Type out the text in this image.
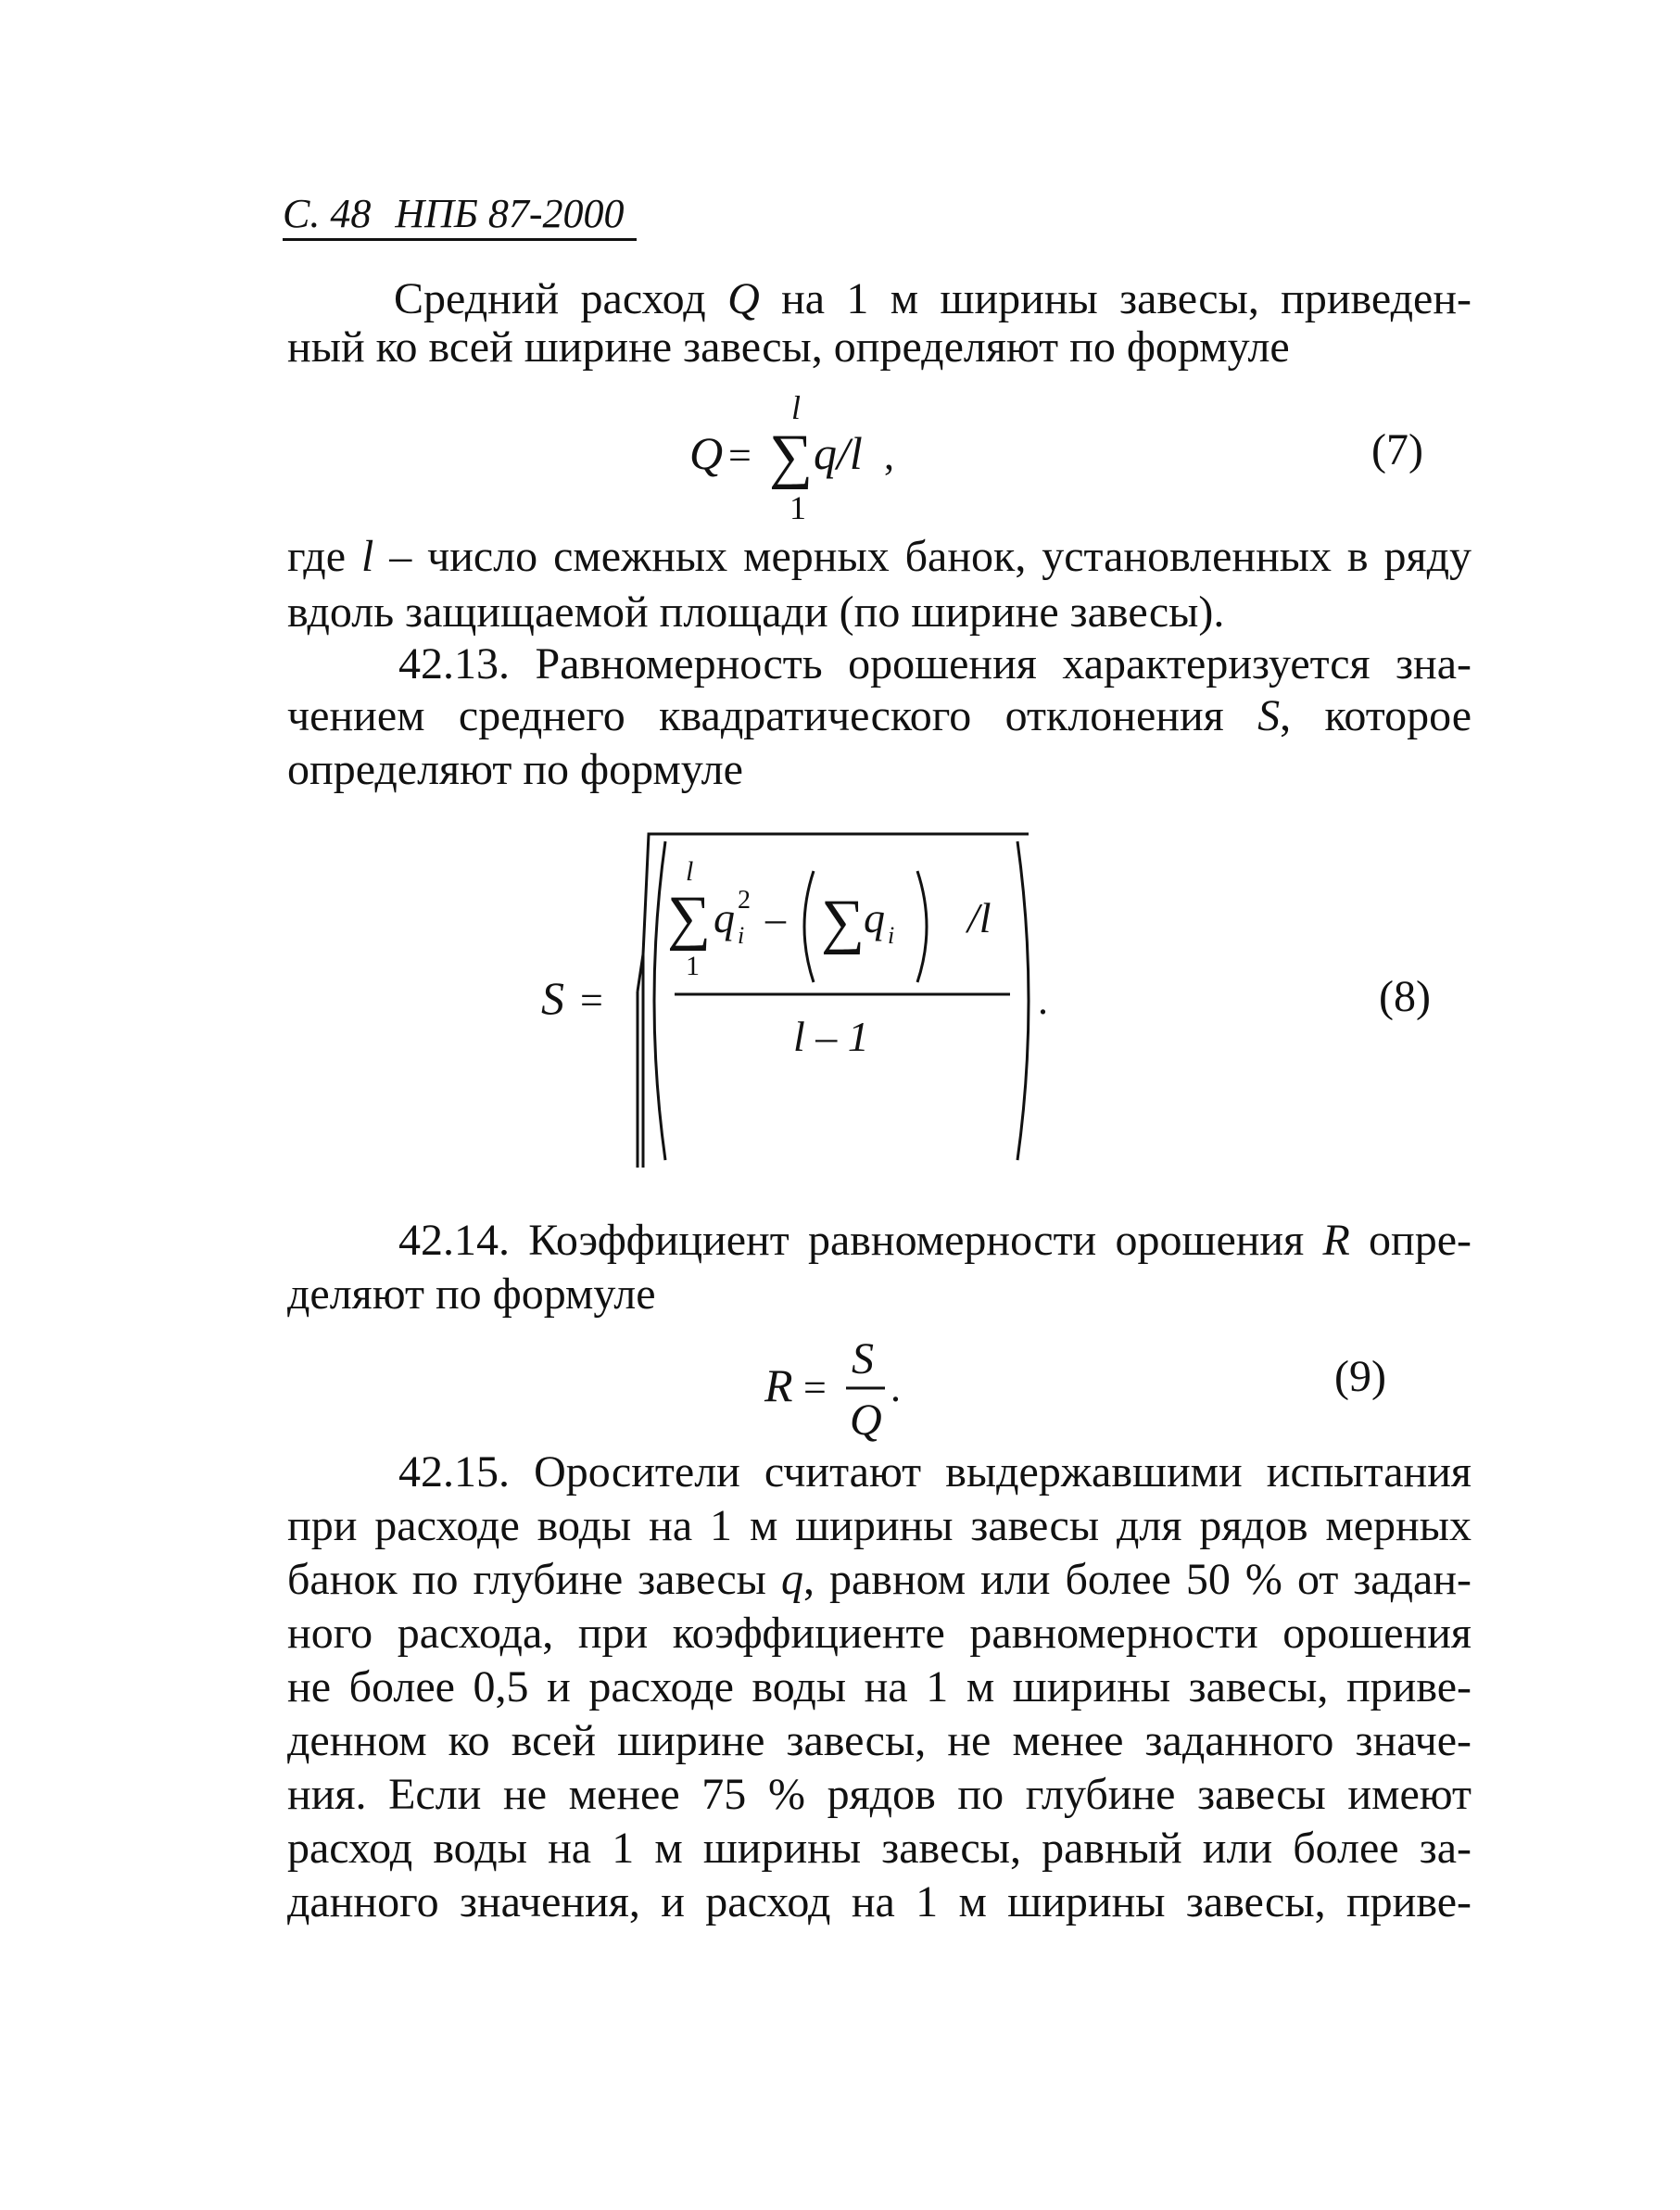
С. 48 НПБ 87-2000
Средний расход Q на 1 м ширины завесы, приведен-
ный ко всей ширине завесы, определяют по формуле
Q = ∑
l
1
q/l ,	(7)
где l – число смежных мерных банок, установленных в ряду
вдоль защищаемой площади (по ширине завесы).
42.13. Равномерность орошения характеризуется зна-
чением среднего квадратического отклонения S, которое
определяют по формуле
S =
∑
l
1
q 2
i – ∑
q i /l
l – 1
.	(8)
42.14. Коэффициент равномерности орошения R опре-
деляют по формуле
R =
S
Q
.	(9)
42.15. Оросители считают выдержавшими испытания
при расходе воды на 1 м ширины завесы для рядов мерных
банок по глубине завесы q, равном или более 50 % от задан-
ного расхода, при коэффициенте равномерности орошения
не более 0,5 и расходе воды на 1 м ширины завесы, приве-
денном ко всей ширине завесы, не менее заданного значе-
ния. Если не менее 75 % рядов по глубине завесы имеют
расход воды на 1 м ширины завесы, равный или более за-
данного значения, и расход на 1 м ширины завесы, приве-
